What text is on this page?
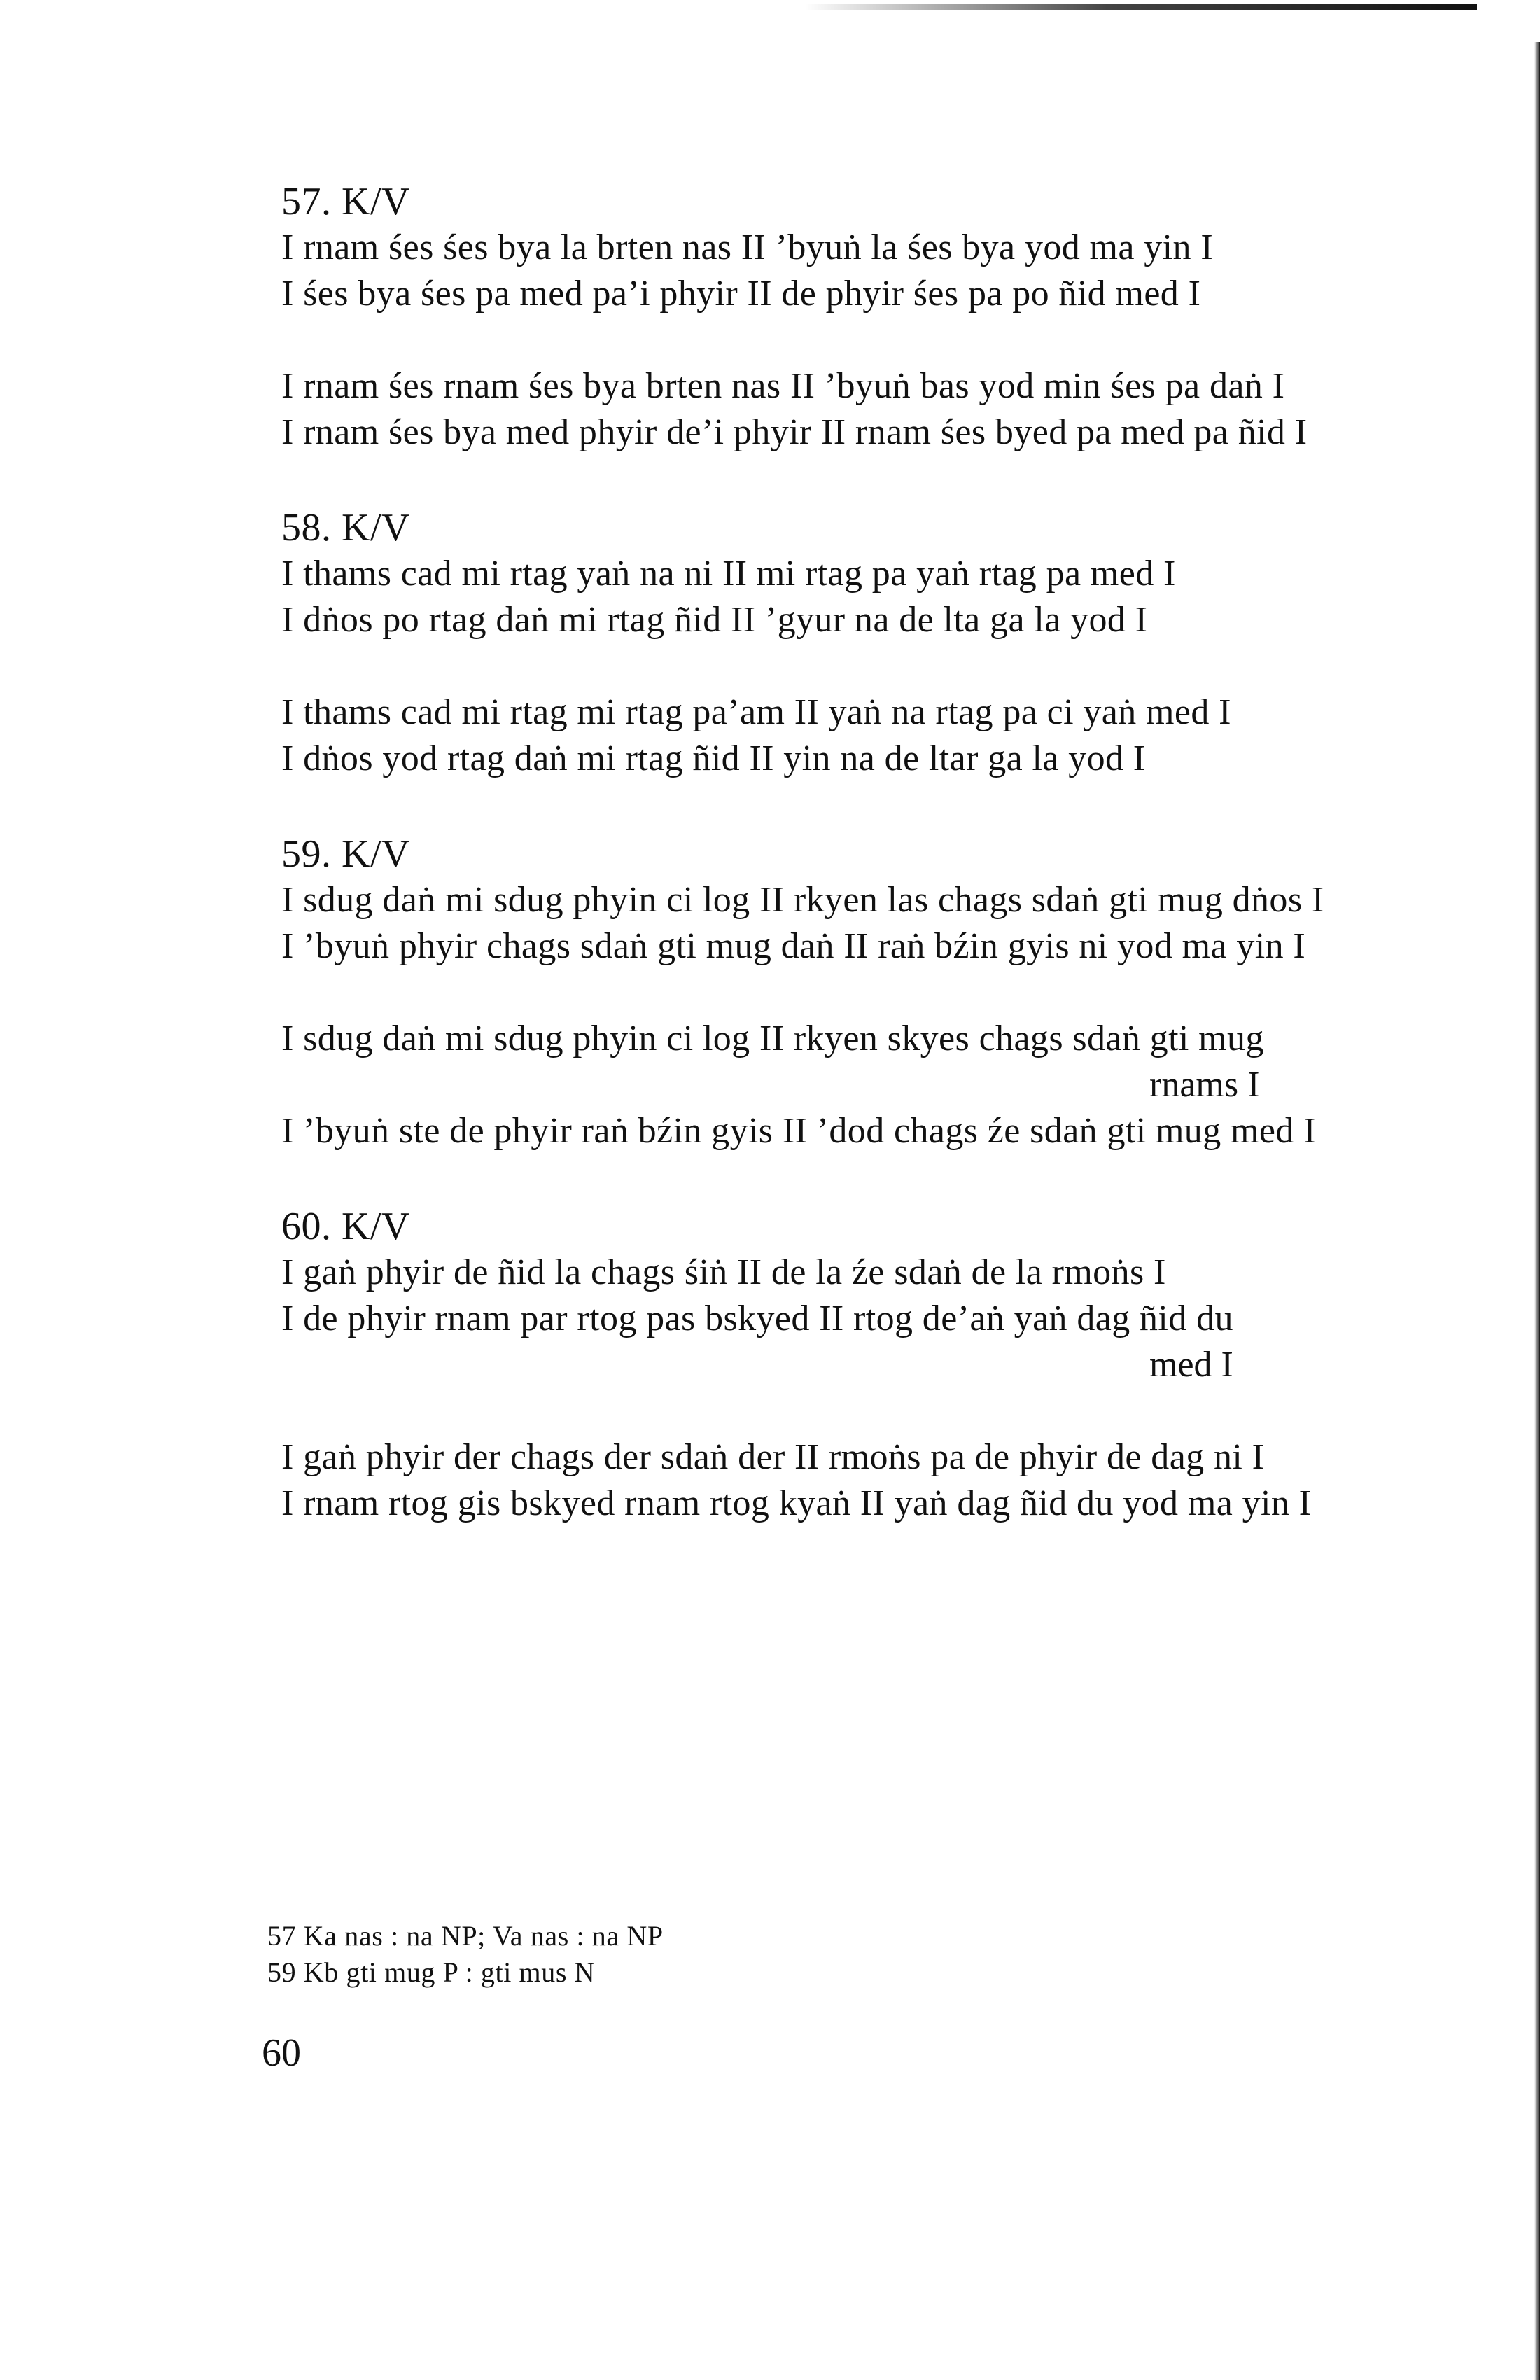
57. K/V
I rnam śes śes bya la brten nas II ’byuṅ la śes bya yod ma yin I
I śes bya śes pa med pa’i phyir II de phyir śes pa po ñid med I
I rnam śes rnam śes bya brten nas II ’byuṅ bas yod min śes pa daṅ I
I rnam śes bya med phyir de’i phyir II rnam śes byed pa med pa ñid I
58. K/V
I thams cad mi rtag yaṅ na ni II mi rtag pa yaṅ rtag pa med I
I dṅos po rtag daṅ mi rtag ñid II ’gyur na de lta ga la yod I
I thams cad mi rtag mi rtag pa’am II yaṅ na rtag pa ci yaṅ med I
I dṅos yod rtag daṅ mi rtag ñid II yin na de ltar ga la yod I
59. K/V
I sdug daṅ mi sdug phyin ci log II rkyen las chags sdaṅ gti mug dṅos I
I ’byuṅ phyir chags sdaṅ gti mug daṅ II raṅ bźin gyis ni yod ma yin I
I sdug daṅ mi sdug phyin ci log II rkyen skyes chags sdaṅ gti mug
rnams I
I ’byuṅ ste de phyir raṅ bźin gyis II ’dod chags źe sdaṅ gti mug med I
60. K/V
I gaṅ phyir de ñid la chags śiṅ II de la źe sdaṅ de la rmoṅs I
I de phyir rnam par rtog pas bskyed II rtog de’aṅ yaṅ dag ñid du
med I
I gaṅ phyir der chags der sdaṅ der II rmoṅs pa de phyir de dag ni I
I rnam rtog gis bskyed rnam rtog kyaṅ II yaṅ dag ñid du yod ma yin I
57 Ka nas : na NP; Va nas : na NP
59 Kb gti mug P : gti mus N
60
